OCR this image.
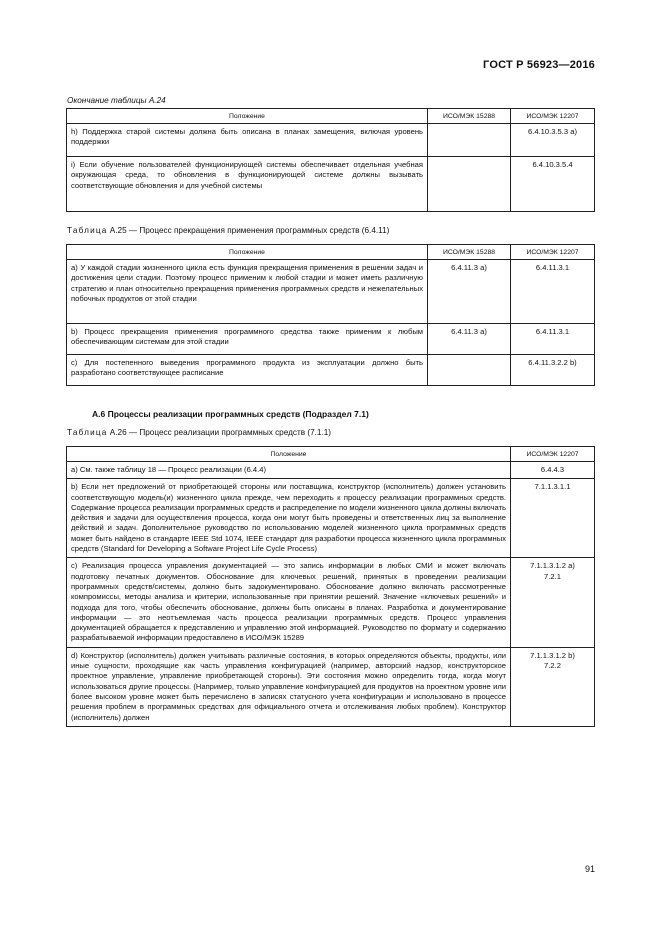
ГОСТ Р 56923—2016
Окончание таблицы А.24
Положение	ИСО/МЭК 15288	ИСО/МЭК 12207
h) Поддержка старой системы должна быть описана в планах замещения, включая уровень поддержки		6.4.10.3.5.3 а)
i) Если обучение пользователей функционирующей системы обеспечивает отдельная учебная окружающая среда, то обновления в функционирующей системе должны вызывать соответствующие обновления и для учебной системы		6.4.10.3.5.4
Таблица А.25 — Процесс прекращения применения программных средств (6.4.11)
Положение	ИСО/МЭК 15288	ИСО/МЭК 12207
а) У каждой стадии жизненного цикла есть функция прекращения применения в решении задач и достижения цели стадии. Поэтому процесс применим к любой стадии и может иметь различную стратегию и план относительно прекращения применения программных средств и нежелательных побочных продуктов от этой стадии	6.4.11.3 а)	6.4.11.3.1
b) Процесс прекращения применения программного средства также применим к любым обеспечивающим системам для этой стадии	6.4.11.3 а)	6.4.11.3.1
с) Для постепенного выведения программного продукта из эксплуатации должно быть разработано соответствующее расписание		6.4.11.3.2.2 b)
А.6 Процессы реализации программных средств (Подраздел 7.1)
Таблица А.26 — Процесс реализации программных средств (7.1.1)
Положение	ИСО/МЭК 12207
а) См. также таблицу 18 — Процесс реализации (6.4.4)	6.4.4.3

b) Если нет предложений от приобретающей стороны или поставщика, конструктор (исполнитель) должен установить соответствующую модель(и) жизненного цикла прежде, чем переходить к процессу реализации программных средств. Содержание процесса реализации программных средств и распределение по модели жизненного цикла должны включать действия и задачи для осуществления процесса, когда они могут быть проведены и ответственных лиц за выполнение действий и задач. Дополнительное руководство по использованию моделей жизненного цикла программных средств может быть найдено в стандарте IEEE Std 1074, IEEE стандарт для разработки процесса жизненного цикла программных средств (Standard for Developing a Software Project Life Cycle Process)	7.1.1.3.1.1

с) Реализация процесса управления документацией — это запись информации в любых СМИ и может включать подготовку печатных документов. Обоснование для ключевых решений, принятых в проведении реализации программных средств/системы, должно быть задокументировано. Обоснование должно включать рассмотренные компромиссы, методы анализа и критерии, использованные при принятии решений. Значение «ключевых решений» и подхода для того, чтобы обеспечить обоснование, должны быть описаны в планах. Разработка и документирование информации — это неотъемлемая часть процесса реализации программных средств. Процесс управления документацией обращается к представлению и управлению этой информацией. Руководство по формату и содержанию разрабатываемой информации предоставлено в ИСО/МЭК 15289	7.1.1.3.1.2 а)
7.2.1

d) Конструктор (исполнитель) должен учитывать различные состояния, в которых определяются объекты, продукты, или иные сущности, проходящие как часть управления конфигурацией (например, авторский надзор, конструкторское проектное управление, управление приобретающей стороны). Эти состояния можно определить тогда, когда могут использоваться другие процессы. (Например, только управление конфигурацией для продуктов на проектном уровне или более высоком уровне может быть перечислено в записях статусного учета конфигурации и использовано в процессе решения проблем в программных средствах для официального отчета и отслеживания любых проблем). Конструктор (исполнитель) должен	7.1.1.3.1.2 b)
7.2.2
91
